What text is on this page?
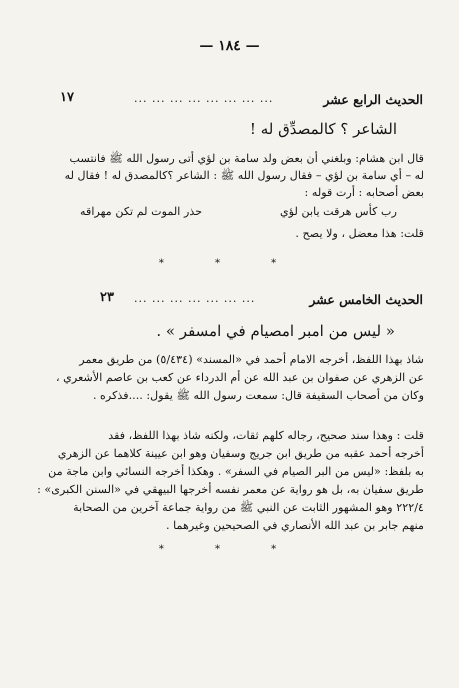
— ١٨٤ —
الحديث الرابع عشر
... ... ... ... ... ... ... ...
١٧
الشاعر ؟ كالمصدِّق له !
قال ابن هشام: وبلغني أن بعض ولد سامة بن لؤي أتى رسول الله ﷺ فانتسب
له – أي سامة بن لؤي – فقال رسول الله ﷺ : الشاعر ؟كالمصدق له ! فقال له
بعض أصحابه : أرت قوله :
رب كأس هرقت يابن لؤي
حذر الموت لم تكن مهراقه
قلت: هذا معضل ، ولا يصح .
* * *
الحديث الخامس عشر
... ... ... ... ... ... ...
٢٣
« ليس من امبر امصيام في امسفر » .
شاذ بهذا اللفظ، أخرجه الامام أحمد في «المسند» (٥/٤٣٤) من طريق معمر
عن الزهري عن صفوان بن عبد الله عن أم الدرداء عن كعب بن عاصم الأشعري ،
وكان من أصحاب السقيفة قال: سمعت رسول الله ﷺ يقول: ....فذكره .
قلت : وهذا سند صحيح، رجاله كلهم ثقات، ولكنه شاذ بهذا اللفظ، فقد
أخرجه أحمد عقبه من طريق ابن جريج وسفيان وهو ابن عيينة كلاهما عن الزهري
به بلفظ: «ليس من البر الصيام في السفر» . وهكذا أخرجه النسائي وابن ماجة من
طريق سفيان به، بل هو رواية عن معمر نفسه أخرجها البيهقي في «السنن الكبرى» :
٢٢٢/٤ وهو المشهور الثابت عن النبي ﷺ من رواية جماعة آخرين من الصحابة
منهم جابر بن عبد الله الأنصاري في الصحيحين وغيرهما .
* * *
